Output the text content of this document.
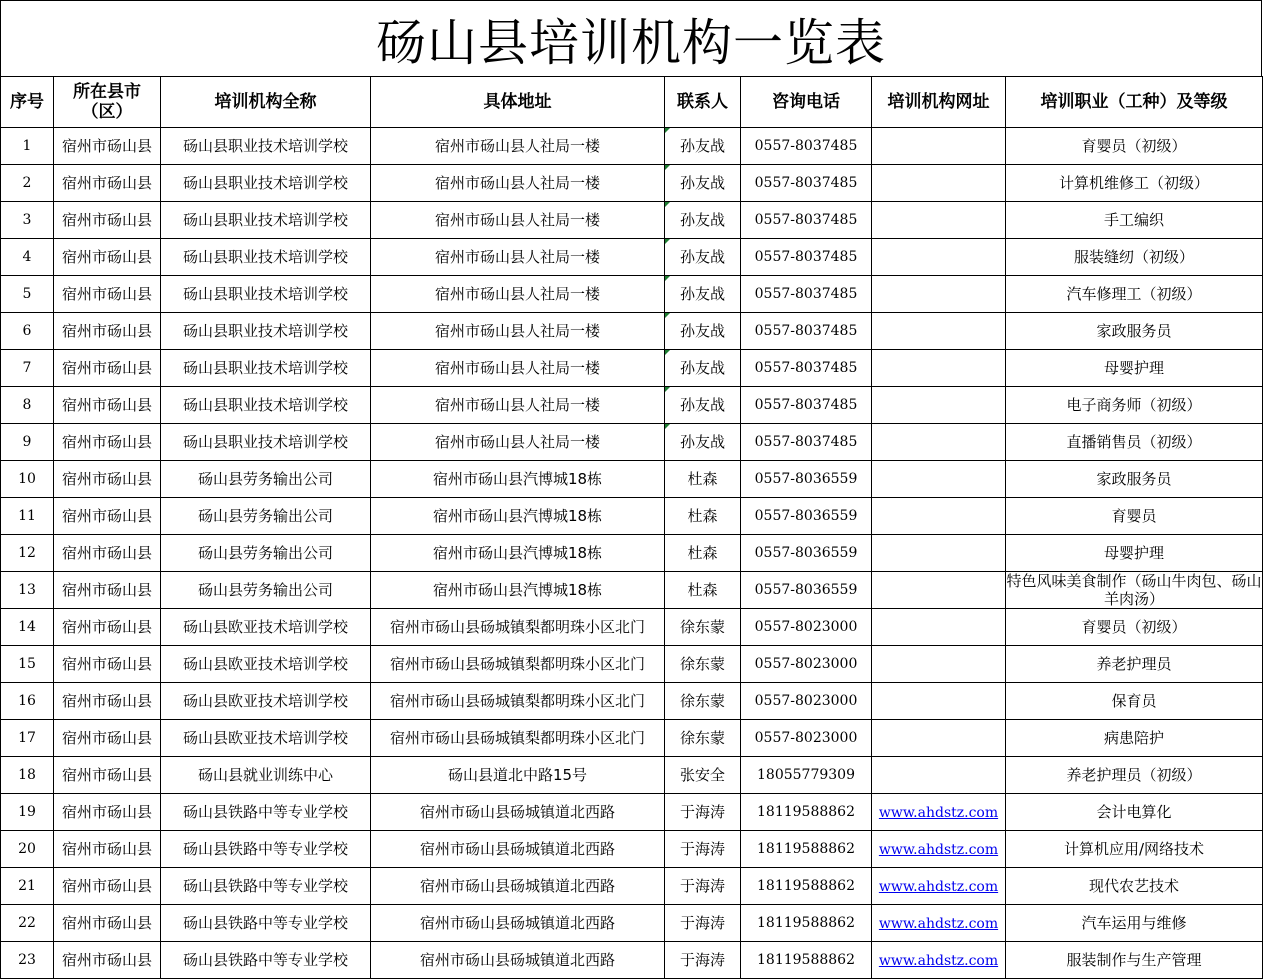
砀山县培训机构一览表
序号	所在县市（区）	培训机构全称	具体地址	联系人	咨询电话	培训机构网址	培训职业（工种）及等级
1	宿州市砀山县	砀山县职业技术培训学校	宿州市砀山县人社局一楼	孙友战	0557-8037485		育婴员（初级）
2	宿州市砀山县	砀山县职业技术培训学校	宿州市砀山县人社局一楼	孙友战	0557-8037485		计算机维修工（初级）
3	宿州市砀山县	砀山县职业技术培训学校	宿州市砀山县人社局一楼	孙友战	0557-8037485		手工编织
4	宿州市砀山县	砀山县职业技术培训学校	宿州市砀山县人社局一楼	孙友战	0557-8037485		服装缝纫（初级）
5	宿州市砀山县	砀山县职业技术培训学校	宿州市砀山县人社局一楼	孙友战	0557-8037485		汽车修理工（初级）
6	宿州市砀山县	砀山县职业技术培训学校	宿州市砀山县人社局一楼	孙友战	0557-8037485		家政服务员
7	宿州市砀山县	砀山县职业技术培训学校	宿州市砀山县人社局一楼	孙友战	0557-8037485		母婴护理
8	宿州市砀山县	砀山县职业技术培训学校	宿州市砀山县人社局一楼	孙友战	0557-8037485		电子商务师（初级）
9	宿州市砀山县	砀山县职业技术培训学校	宿州市砀山县人社局一楼	孙友战	0557-8037485		直播销售员（初级）
10	宿州市砀山县	砀山县劳务输出公司	宿州市砀山县汽博城18栋	杜森	0557-8036559		家政服务员
11	宿州市砀山县	砀山县劳务输出公司	宿州市砀山县汽博城18栋	杜森	0557-8036559		育婴员
12	宿州市砀山县	砀山县劳务输出公司	宿州市砀山县汽博城18栋	杜森	0557-8036559		母婴护理
13	宿州市砀山县	砀山县劳务输出公司	宿州市砀山县汽博城18栋	杜森	0557-8036559		特色风味美食制作（砀山牛肉包、砀山羊肉汤）
14	宿州市砀山县	砀山县欧亚技术培训学校	宿州市砀山县砀城镇梨都明珠小区北门	徐东蒙	0557-8023000		育婴员（初级）
15	宿州市砀山县	砀山县欧亚技术培训学校	宿州市砀山县砀城镇梨都明珠小区北门	徐东蒙	0557-8023000		养老护理员
16	宿州市砀山县	砀山县欧亚技术培训学校	宿州市砀山县砀城镇梨都明珠小区北门	徐东蒙	0557-8023000		保育员
17	宿州市砀山县	砀山县欧亚技术培训学校	宿州市砀山县砀城镇梨都明珠小区北门	徐东蒙	0557-8023000		病患陪护
18	宿州市砀山县	砀山县就业训练中心	砀山县道北中路15号	张安全	18055779309		养老护理员（初级）
19	宿州市砀山县	砀山县铁路中等专业学校	宿州市砀山县砀城镇道北西路	于海涛	18119588862	www.ahdstz.com	会计电算化
20	宿州市砀山县	砀山县铁路中等专业学校	宿州市砀山县砀城镇道北西路	于海涛	18119588862	www.ahdstz.com	计算机应用/网络技术
21	宿州市砀山县	砀山县铁路中等专业学校	宿州市砀山县砀城镇道北西路	于海涛	18119588862	www.ahdstz.com	现代农艺技术
22	宿州市砀山县	砀山县铁路中等专业学校	宿州市砀山县砀城镇道北西路	于海涛	18119588862	www.ahdstz.com	汽车运用与维修
23	宿州市砀山县	砀山县铁路中等专业学校	宿州市砀山县砀城镇道北西路	于海涛	18119588862	www.ahdstz.com	服装制作与生产管理
